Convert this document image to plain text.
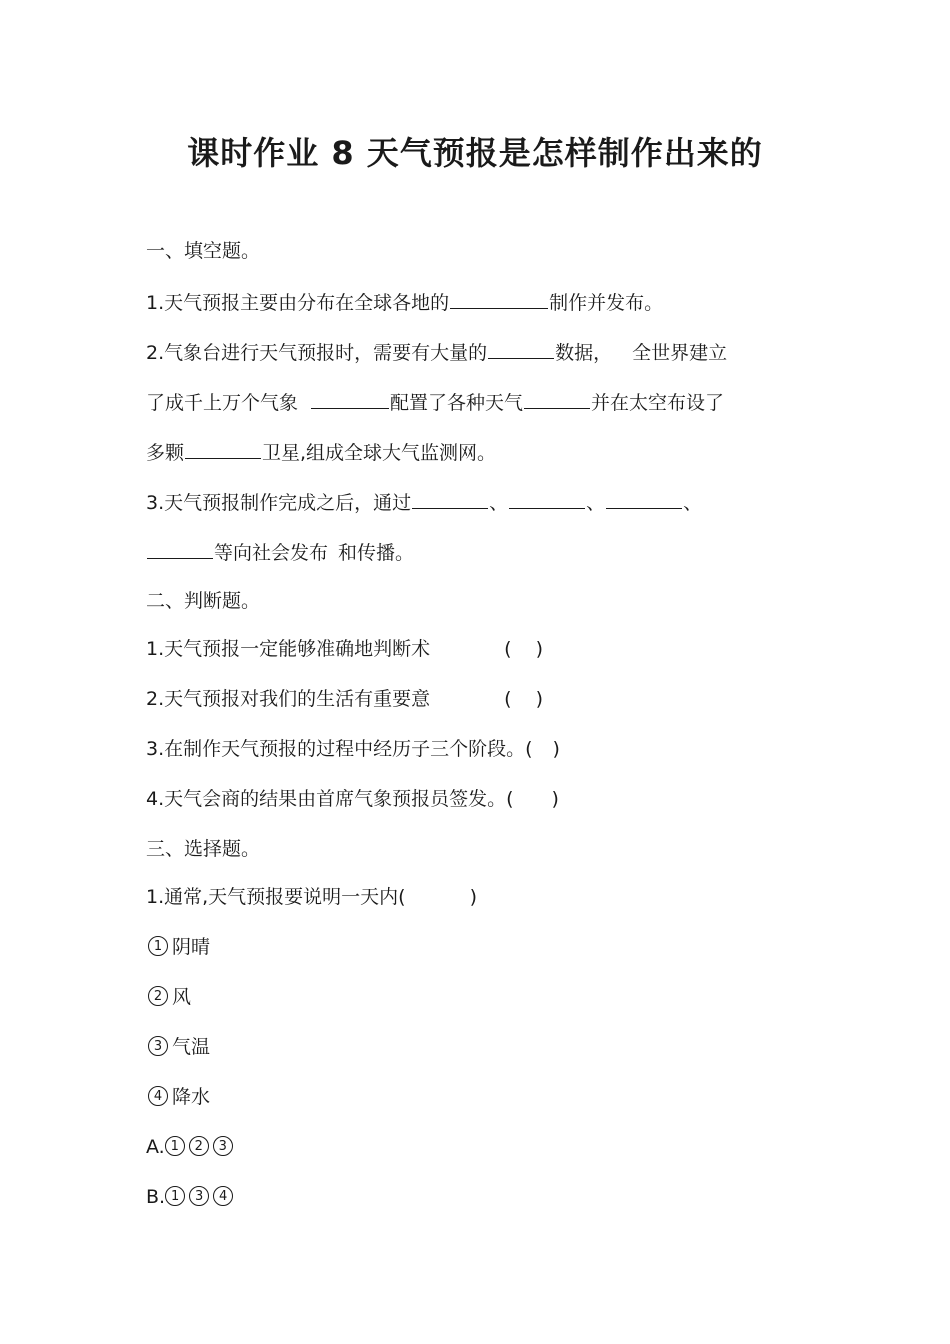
课时作业 8 天气预报是怎样制作出来的
一、填空题。
1.天气预报主要由分布在全球各地的	制作并发布。
2.气象台进行天气预报时，需要有大量的	数据， 全世界建立
了成千上万个气象	配置了各种天气	并在太空布设了
多颗	卫星,组成全球大气监测网。
3.天气预报制作完成之后，通过	、	、	、
等向社会发布 和传播。
二、判断题。
1.天气预报一定能够准确地判断术	( )
2.天气预报对我们的生活有重要意	( )
3.在制作天气预报的过程中经历子三个阶段。( )
4.天气会商的结果由首席气象预报员签发。( )
三、选择题。
1.通常,天气预报要说明一天内(	)
1 阴晴
2 风
3 气温
4 降水
A. 1 2 3
B. 1 3 4
